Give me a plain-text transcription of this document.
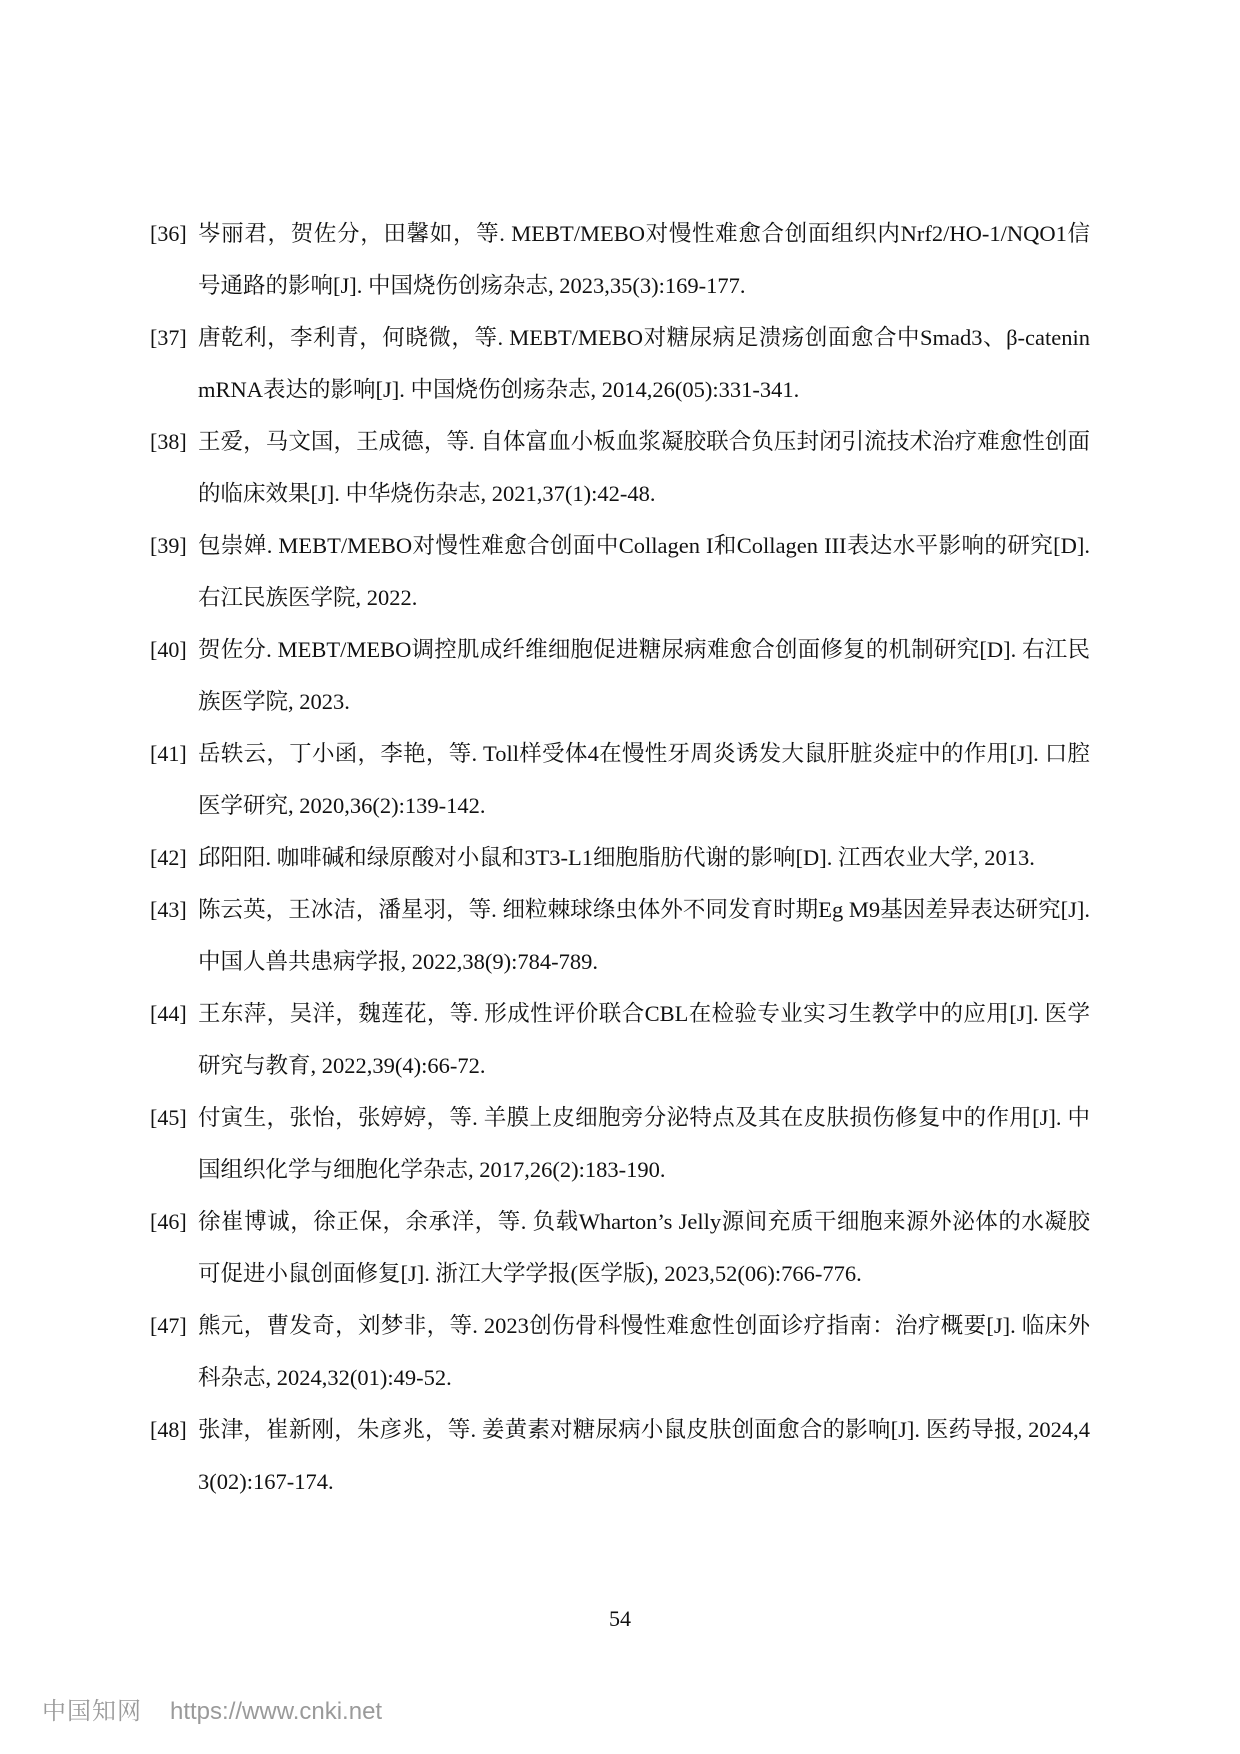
[36] 岑丽君，贺佐分，田馨如，等. MEBT/MEBO对慢性难愈合创面组织内Nrf2/HO-1/NQO1信号通路的影响[J]. 中国烧伤创疡杂志, 2023,35(3):169-177.
[37] 唐乾利，李利青，何晓微，等. MEBT/MEBO对糖尿病足溃疡创面愈合中Smad3、β-catenin mRNA表达的影响[J]. 中国烧伤创疡杂志, 2014,26(05):331-341.
[38] 王爱，马文国，王成德，等. 自体富血小板血浆凝胶联合负压封闭引流技术治疗难愈性创面的临床效果[J]. 中华烧伤杂志, 2021,37(1):42-48.
[39] 包崇婵. MEBT/MEBO对慢性难愈合创面中Collagen I和Collagen III表达水平影响的研究[D]. 右江民族医学院, 2022.
[40] 贺佐分. MEBT/MEBO调控肌成纤维细胞促进糖尿病难愈合创面修复的机制研究[D]. 右江民族医学院, 2023.
[41] 岳轶云，丁小函，李艳，等. Toll样受体4在慢性牙周炎诱发大鼠肝脏炎症中的作用[J]. 口腔医学研究, 2020,36(2):139-142.
[42] 邱阳阳. 咖啡碱和绿原酸对小鼠和3T3-L1细胞脂肪代谢的影响[D]. 江西农业大学, 2013.
[43] 陈云英，王冰洁，潘星羽，等. 细粒棘球绦虫体外不同发育时期Eg M9基因差异表达研究[J]. 中国人兽共患病学报, 2022,38(9):784-789.
[44] 王东萍，吴洋，魏莲花，等. 形成性评价联合CBL在检验专业实习生教学中的应用[J]. 医学研究与教育, 2022,39(4):66-72.
[45] 付寅生，张怡，张婷婷，等. 羊膜上皮细胞旁分泌特点及其在皮肤损伤修复中的作用[J]. 中国组织化学与细胞化学杂志, 2017,26(2):183-190.
[46] 徐崔博诚，徐正保，余承洋，等. 负载Wharton’s Jelly源间充质干细胞来源外泌体的水凝胶可促进小鼠创面修复[J]. 浙江大学学报(医学版), 2023,52(06):766-776.
[47] 熊元，曹发奇，刘梦非，等. 2023创伤骨科慢性难愈性创面诊疗指南：治疗概要[J]. 临床外科杂志, 2024,32(01):49-52.
[48] 张津，崔新刚，朱彦兆，等. 姜黄素对糖尿病小鼠皮肤创面愈合的影响[J]. 医药导报, 2024,43(02):167-174.
54
中国知网 https://www.cnki.net
